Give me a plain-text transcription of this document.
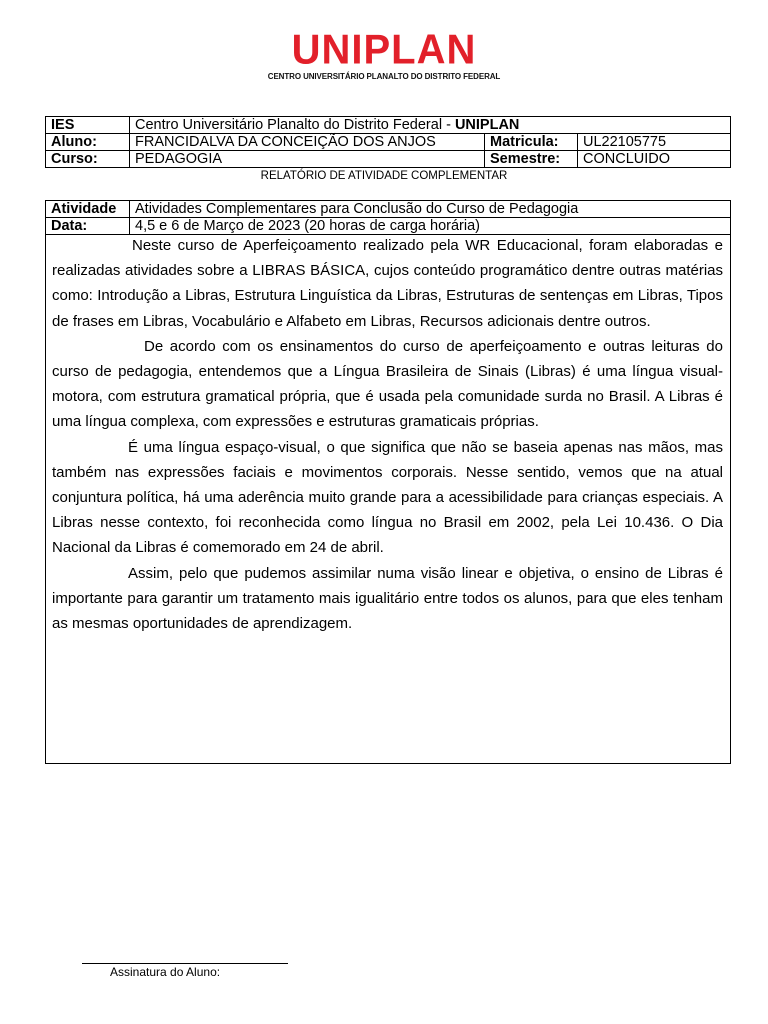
UNIPLAN
CENTRO UNIVERSITÁRIO PLANALTO DO DISTRITO FEDERAL
IES	Centro Universitário Planalto do Distrito Federal - UNIPLAN		
Aluno:	FRANCIDALVA DA CONCEIÇÃO DOS ANJOS	Matricula:	UL22105775
Curso:	PEDAGOGIA	Semestre:	CONCLUIDO
RELATÓRIO DE ATIVIDADE COMPLEMENTAR
Atividade	Atividades Complementares para Conclusão do Curso de Pedagogia
Data:	4,5 e 6 de Março de 2023 (20 horas de carga horária)

Neste curso de Aperfeiçoamento realizado pela WR Educacional, foram elaboradas e realizadas atividades sobre a LIBRAS BÁSICA, cujos conteúdo programático dentre outras matérias como: Introdução a Libras, Estrutura Linguística da Libras, Estruturas de sentenças em Libras, Tipos de frases em Libras, Vocabulário e Alfabeto em Libras, Recursos adicionais dentre outros.

De acordo com os ensinamentos do curso de aperfeiçoamento e outras leituras do curso de pedagogia, entendemos que a Língua Brasileira de Sinais (Libras) é uma língua visual-motora, com estrutura gramatical própria, que é usada pela comunidade surda no Brasil. A Libras é uma língua complexa, com expressões e estruturas gramaticais próprias.

É uma língua espaço-visual, o que significa que não se baseia apenas nas mãos, mas também nas expressões faciais e movimentos corporais. Nesse sentido, vemos que na atual conjuntura política, há uma aderência muito grande para a acessibilidade para crianças especiais. A Libras nesse contexto, foi reconhecida como língua no Brasil em 2002, pela Lei 10.436. O Dia Nacional da Libras é comemorado em 24 de abril.

Assim, pelo que pudemos assimilar numa visão linear e objetiva, o ensino de Libras é importante para garantir um tratamento mais igualitário entre todos os alunos, para que eles tenham as mesmas oportunidades de aprendizagem.

Assinatura do Aluno:
